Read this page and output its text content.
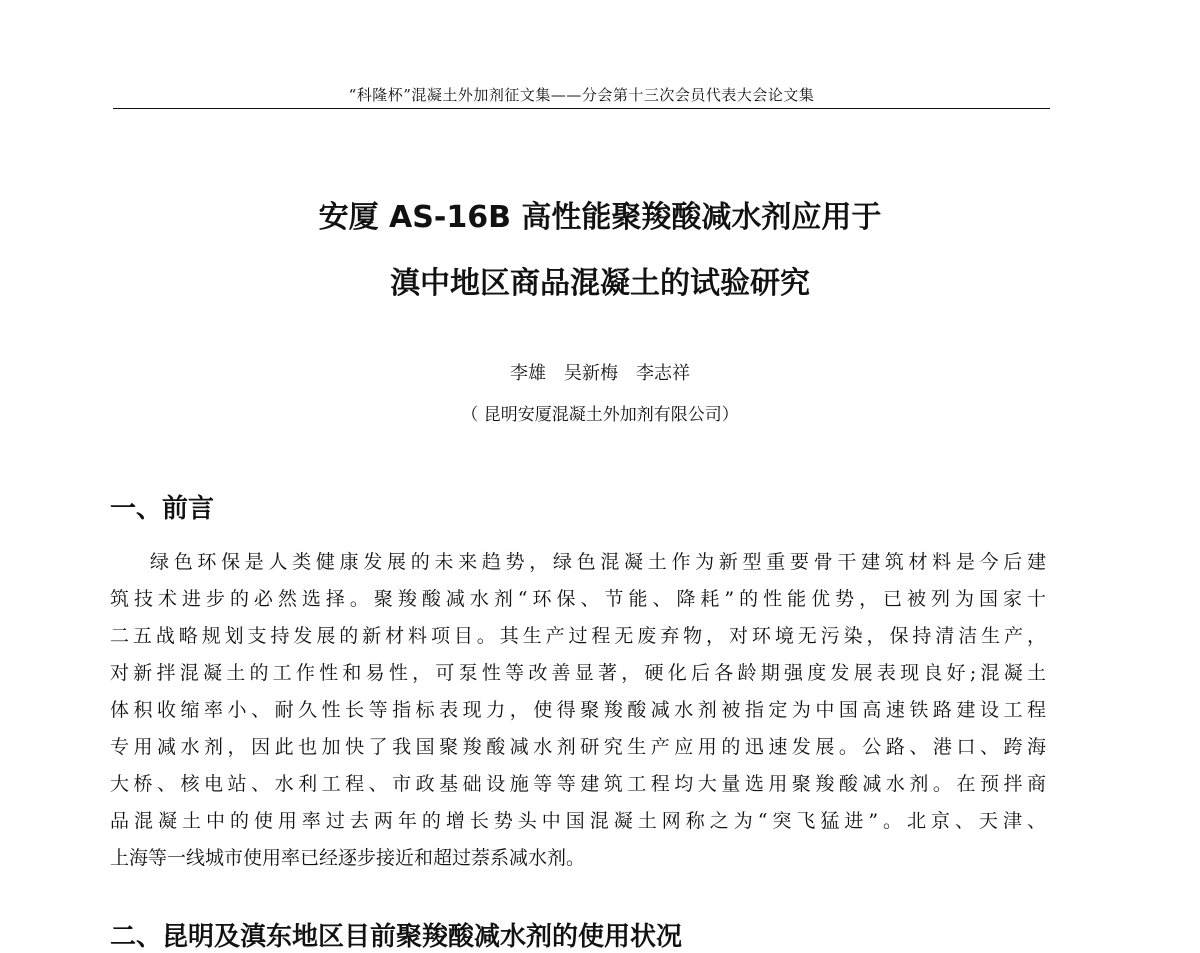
“科隆杯”混凝土外加剂征文集——分会第十三次会员代表大会论文集
安厦 AS-16B 高性能聚羧酸减水剂应用于
滇中地区商品混凝土的试验研究
李雄　吴新梅　李志祥
（ 昆明安厦混凝土外加剂有限公司）
一、前言
绿色环保是人类健康发展的未来趋势，绿色混凝土作为新型重要骨干建筑材料是今后建
筑技术进步的必然选择。聚羧酸减水剂“环保、节能、降耗”的性能优势，已被列为国家十
二五战略规划支持发展的新材料项目。其生产过程无废弃物，对环境无污染，保持清洁生产，
对新拌混凝土的工作性和易性，可泵性等改善显著，硬化后各龄期强度发展表现良好;混凝土
体积收缩率小、耐久性长等指标表现力，使得聚羧酸减水剂被指定为中国高速铁路建设工程
专用减水剂，因此也加快了我国聚羧酸减水剂研究生产应用的迅速发展。公路、港口、跨海
大桥、核电站、水利工程、市政基础设施等等建筑工程均大量选用聚羧酸减水剂。在预拌商
品混凝土中的使用率过去两年的增长势头中国混凝土网称之为“突飞猛进”。北京、天津、
上海等一线城市使用率已经逐步接近和超过萘系减水剂。
二、昆明及滇东地区目前聚羧酸减水剂的使用状况
